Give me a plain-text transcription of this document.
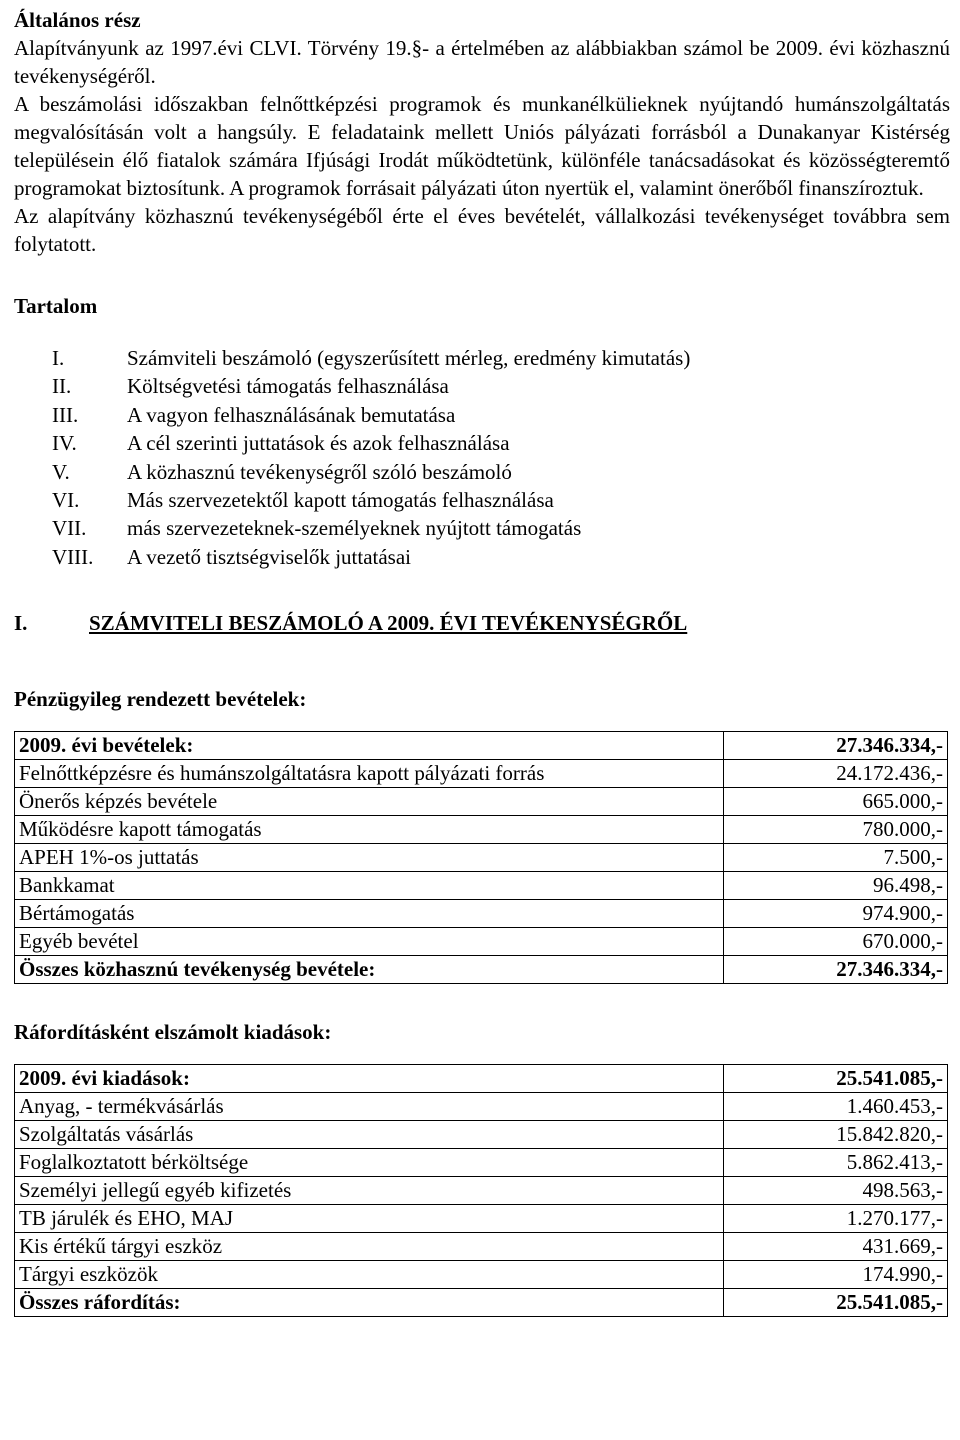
Általános rész

Alapítványunk az 1997.évi CLVI. Törvény 19.§- a értelmében az alábbiakban számol be 2009. évi közhasznú tevékenységéről.

A beszámolási időszakban felnőttképzési programok és munkanélkülieknek nyújtandó humánszolgáltatás megvalósításán volt a hangsúly. E feladataink mellett Uniós pályázati forrásból a Dunakanyar Kistérség településein élő fiatalok számára Ifjúsági Irodát működtetünk, különféle tanácsadásokat és közösségteremtő programokat biztosítunk. A programok forrásait pályázati úton nyertük el, valamint önerőből finanszíroztuk.

Az alapítvány közhasznú tevékenységéből érte el éves bevételét, vállalkozási tevékenységet továbbra sem folytatott.

Tartalom
I.	Számviteli beszámoló (egyszerűsített mérleg, eredmény kimutatás)
II.	Költségvetési támogatás felhasználása
III.	A vagyon felhasználásának bemutatása
IV.	A cél szerinti juttatások és azok felhasználása
V.	A közhasznú tevékenységről szóló beszámoló
VI.	Más szervezetektől kapott támogatás felhasználása
VII.	más szervezeteknek-személyeknek nyújtott támogatás
VIII.	A vezető tisztségviselők juttatásai
I.	SZÁMVITELI BESZÁMOLÓ A 2009. ÉVI TEVÉKENYSÉGRŐL
Pénzügyileg rendezett bevételek:
2009. évi bevételek:	27.346.334,-
Felnőttképzésre és humánszolgáltatásra kapott pályázati forrás	24.172.436,-
Önerős képzés bevétele	665.000,-
Működésre kapott támogatás	780.000,-
APEH 1%-os juttatás	7.500,-
Bankkamat	96.498,-
Bértámogatás	974.900,-
Egyéb bevétel	670.000,-
Összes közhasznú tevékenység bevétele:	27.346.334,-
Ráfordításként elszámolt kiadások:
2009. évi kiadások:	25.541.085,-
Anyag, - termékvásárlás	1.460.453,-
Szolgáltatás vásárlás	15.842.820,-
Foglalkoztatott bérköltsége	5.862.413,-
Személyi jellegű egyéb kifizetés	498.563,-
TB járulék és EHO, MAJ	1.270.177,-
Kis értékű tárgyi eszköz	431.669,-
Tárgyi eszközök	174.990,-
Összes ráfordítás:	25.541.085,-
